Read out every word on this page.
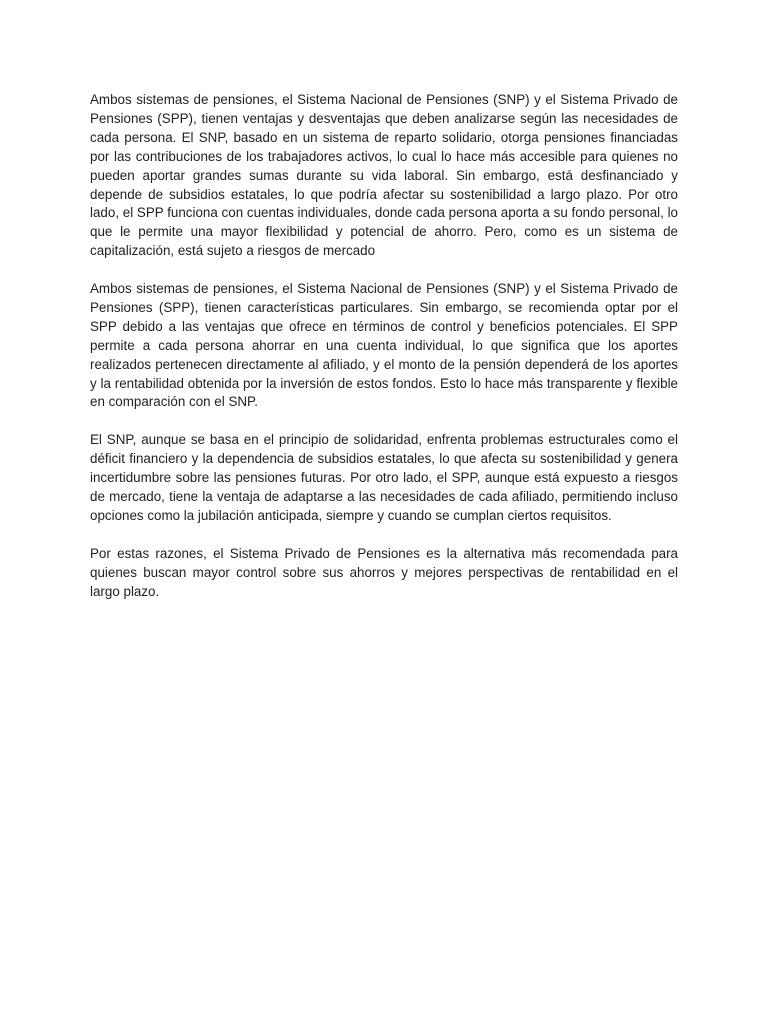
Ambos sistemas de pensiones, el Sistema Nacional de Pensiones (SNP) y el Sistema Privado de Pensiones (SPP), tienen ventajas y desventajas que deben analizarse según las necesidades de cada persona. El SNP, basado en un sistema de reparto solidario, otorga pensiones financiadas por las contribuciones de los trabajadores activos, lo cual lo hace más accesible para quienes no pueden aportar grandes sumas durante su vida laboral. Sin embargo, está desfinanciado y depende de subsidios estatales, lo que podría afectar su sostenibilidad a largo plazo. Por otro lado, el SPP funciona con cuentas individuales, donde cada persona aporta a su fondo personal, lo que le permite una mayor flexibilidad y potencial de ahorro. Pero, como es un sistema de capitalización, está sujeto a riesgos de mercado

Ambos sistemas de pensiones, el Sistema Nacional de Pensiones (SNP) y el Sistema Privado de Pensiones (SPP), tienen características particulares. Sin embargo, se recomienda optar por el SPP debido a las ventajas que ofrece en términos de control y beneficios potenciales. El SPP permite a cada persona ahorrar en una cuenta individual, lo que significa que los aportes realizados pertenecen directamente al afiliado, y el monto de la pensión dependerá de los aportes y la rentabilidad obtenida por la inversión de estos fondos. Esto lo hace más transparente y flexible en comparación con el SNP.

El SNP, aunque se basa en el principio de solidaridad, enfrenta problemas estructurales como el déficit financiero y la dependencia de subsidios estatales, lo que afecta su sostenibilidad y genera incertidumbre sobre las pensiones futuras. Por otro lado, el SPP, aunque está expuesto a riesgos de mercado, tiene la ventaja de adaptarse a las necesidades de cada afiliado, permitiendo incluso opciones como la jubilación anticipada, siempre y cuando se cumplan ciertos requisitos.

Por estas razones, el Sistema Privado de Pensiones es la alternativa más recomendada para quienes buscan mayor control sobre sus ahorros y mejores perspectivas de rentabilidad en el largo plazo.
